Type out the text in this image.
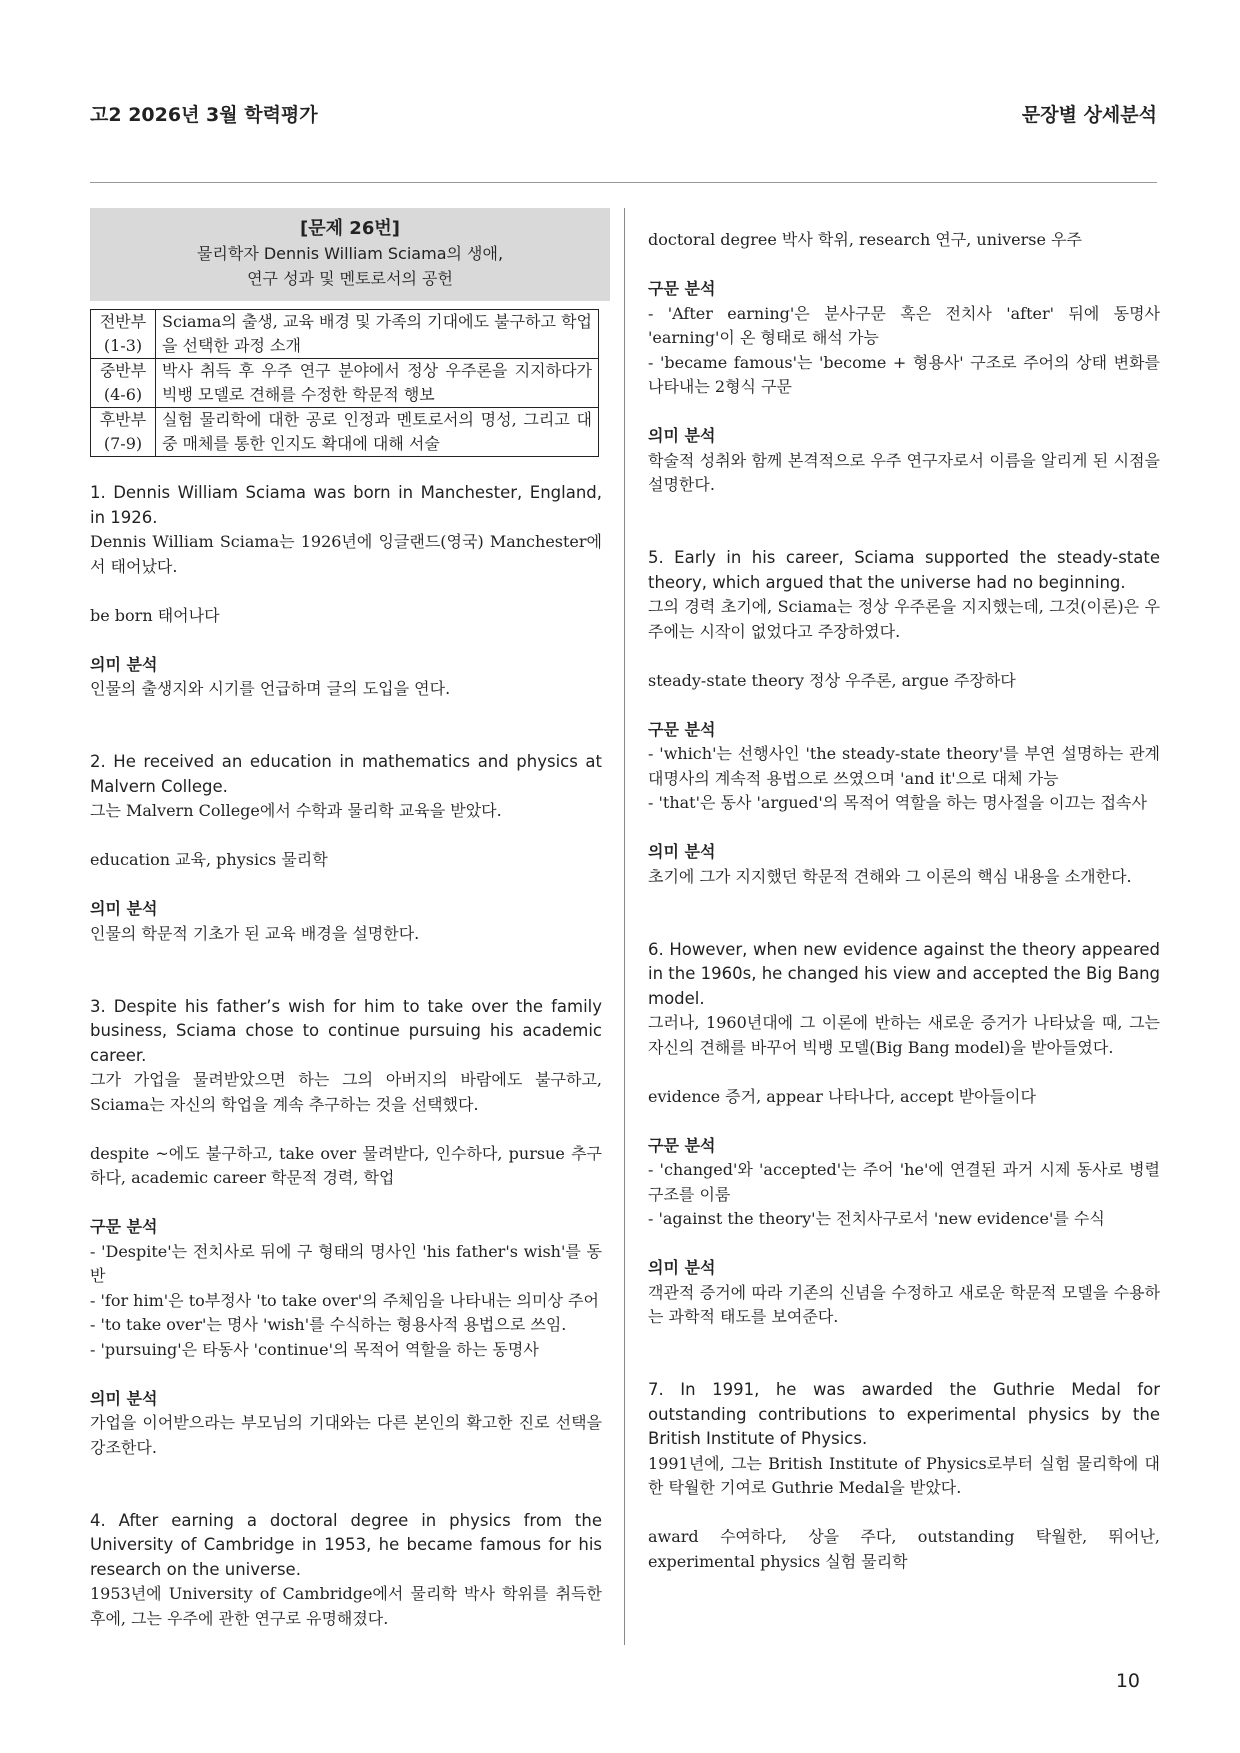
고2 2026년 3월 학력평가	문장별 상세분석
[문제 26번]
물리학자 Dennis William Sciama의 생애,
연구 성과 및 멘토로서의 공헌
전반부
(1-3)	Sciama의 출생, 교육 배경 및 가족의 기대에도 불구하고 학업을 선택한 과정 소개

중반부
(4-6)	박사 취득 후 우주 연구 분야에서 정상 우주론을 지지하다가 빅뱅 모델로 견해를 수정한 학문적 행보

후반부
(7-9)	실험 물리학에 대한 공로 인정과 멘토로서의 명성, 그리고 대중 매체를 통한 인지도 확대에 대해 서술
1. Dennis William Sciama was born in Manchester, England, in 1926.
Dennis William Sciama는 1926년에 잉글랜드(영국) Manchester에서 태어났다.
be born 태어나다
의미 분석
인물의 출생지와 시기를 언급하며 글의 도입을 연다.
2. He received an education in mathematics and physics at Malvern College.
그는 Malvern College에서 수학과 물리학 교육을 받았다.
education 교육, physics 물리학
의미 분석
인물의 학문적 기초가 된 교육 배경을 설명한다.
3. Despite his father’s wish for him to take over the family business, Sciama chose to continue pursuing his academic career.
그가 가업을 물려받았으면 하는 그의 아버지의 바람에도 불구하고, Sciama는 자신의 학업을 계속 추구하는 것을 선택했다.
despite ~에도 불구하고, take over 물려받다, 인수하다, pursue 추구하다, academic career 학문적 경력, 학업
구문 분석
- 'Despite'는 전치사로 뒤에 구 형태의 명사인 'his father's wish'를 동반
- 'for him'은 to부정사 'to take over'의 주체임을 나타내는 의미상 주어
- 'to take over'는 명사 'wish'를 수식하는 형용사적 용법으로 쓰임.
- 'pursuing'은 타동사 'continue'의 목적어 역할을 하는 동명사
의미 분석
가업을 이어받으라는 부모님의 기대와는 다른 본인의 확고한 진로 선택을 강조한다.
4. After earning a doctoral degree in physics from the University of Cambridge in 1953, he became famous for his research on the universe.
1953년에 University of Cambridge에서 물리학 박사 학위를 취득한 후에, 그는 우주에 관한 연구로 유명해졌다.
doctoral degree 박사 학위, research 연구, universe 우주
구문 분석
- 'After earning'은 분사구문 혹은 전치사 'after' 뒤에 동명사 'earning'이 온 형태로 해석 가능
- 'became famous'는 'become + 형용사' 구조로 주어의 상태 변화를 나타내는 2형식 구문
의미 분석
학술적 성취와 함께 본격적으로 우주 연구자로서 이름을 알리게 된 시점을 설명한다.
5. Early in his career, Sciama supported the steady-state theory, which argued that the universe had no beginning.
그의 경력 초기에, Sciama는 정상 우주론을 지지했는데, 그것(이론)은 우주에는 시작이 없었다고 주장하였다.
steady-state theory 정상 우주론, argue 주장하다
구문 분석
- 'which'는 선행사인 'the steady-state theory'를 부연 설명하는 관계대명사의 계속적 용법으로 쓰였으며 'and it'으로 대체 가능
- 'that'은 동사 'argued'의 목적어 역할을 하는 명사절을 이끄는 접속사
의미 분석
초기에 그가 지지했던 학문적 견해와 그 이론의 핵심 내용을 소개한다.
6. However, when new evidence against the theory appeared in the 1960s, he changed his view and accepted the Big Bang model.
그러나, 1960년대에 그 이론에 반하는 새로운 증거가 나타났을 때, 그는 자신의 견해를 바꾸어 빅뱅 모델(Big Bang model)을 받아들였다.
evidence 증거, appear 나타나다, accept 받아들이다
구문 분석
- 'changed'와 'accepted'는 주어 'he'에 연결된 과거 시제 동사로 병렬 구조를 이룸
- 'against the theory'는 전치사구로서 'new evidence'를 수식
의미 분석
객관적 증거에 따라 기존의 신념을 수정하고 새로운 학문적 모델을 수용하는 과학적 태도를 보여준다.
7. In 1991, he was awarded the Guthrie Medal for outstanding contributions to experimental physics by the British Institute of Physics.
1991년에, 그는 British Institute of Physics로부터 실험 물리학에 대한 탁월한 기여로 Guthrie Medal을 받았다.
award 수여하다, 상을 주다, outstanding 탁월한, 뛰어난, experimental physics 실험 물리학
10
